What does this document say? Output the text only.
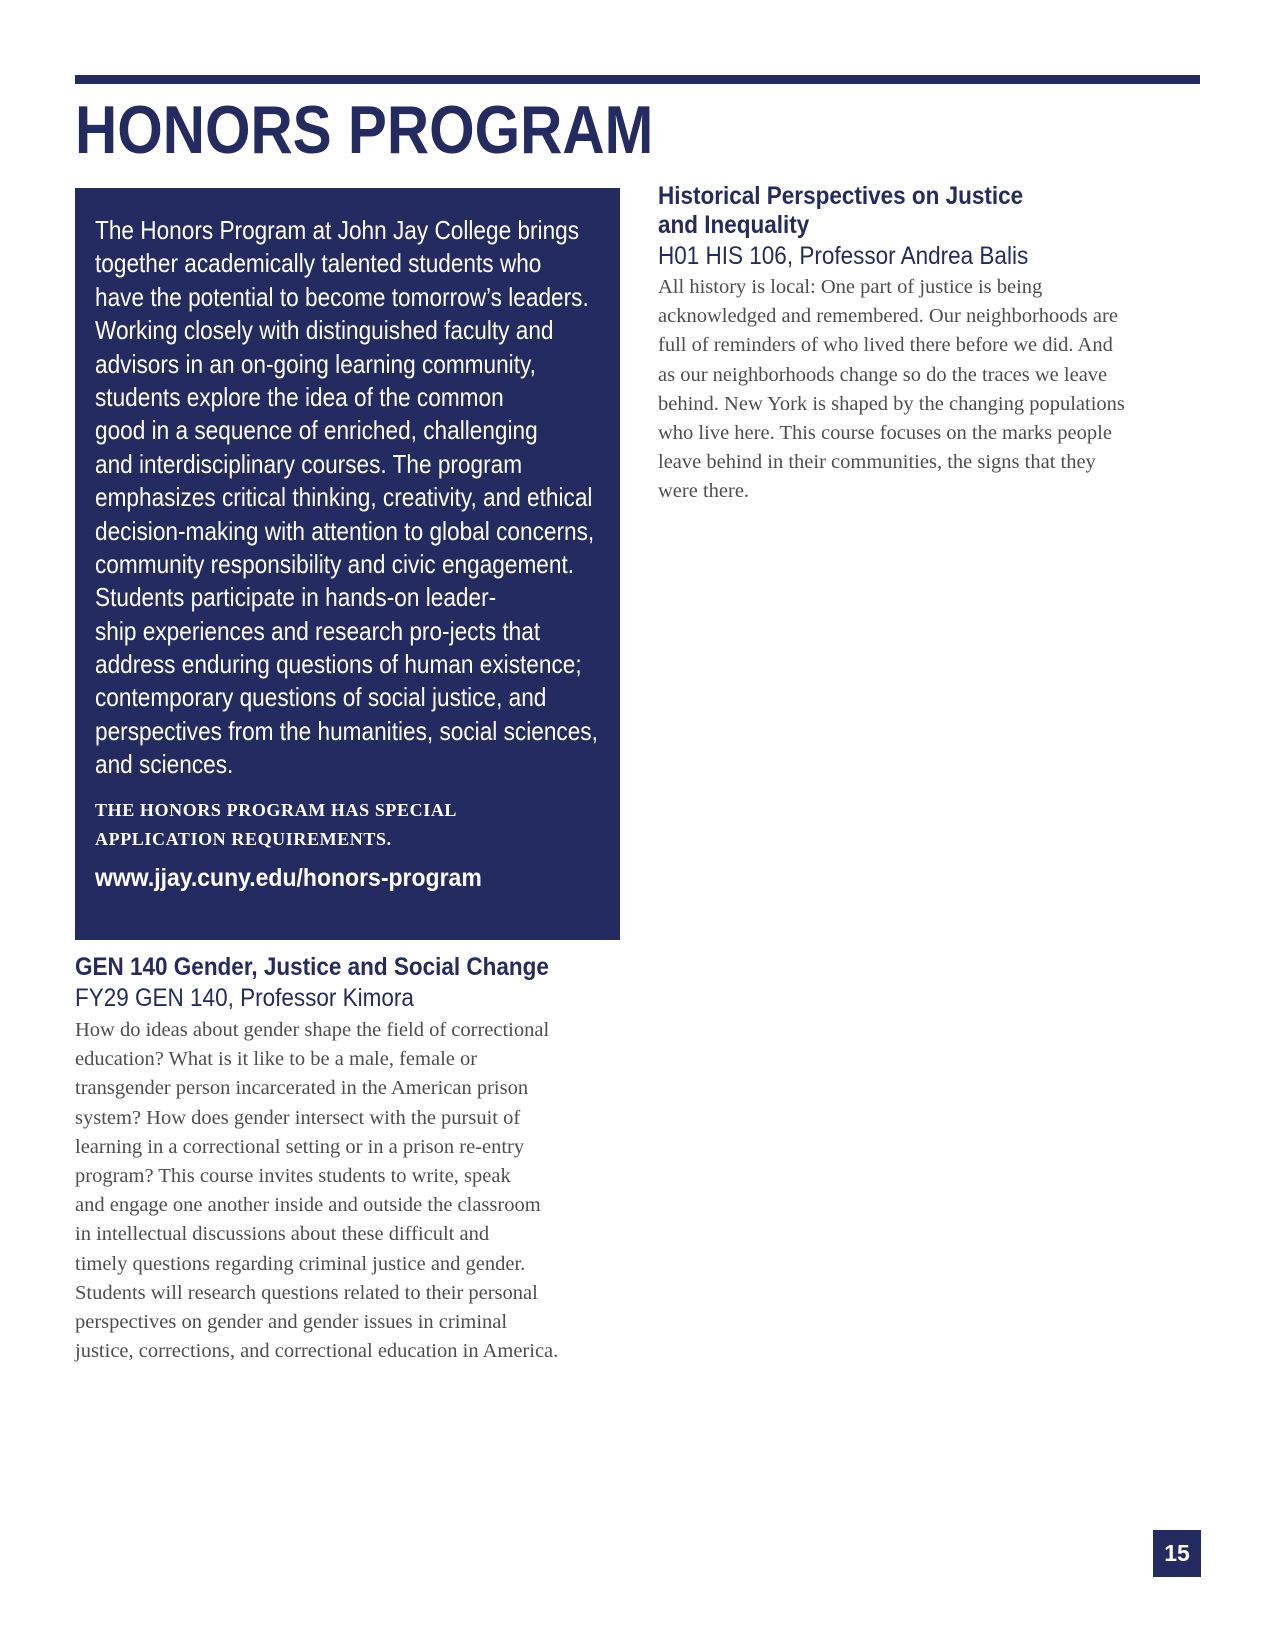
HONORS PROGRAM
The Honors Program at John Jay College brings
together academically talented students who
have the potential to become tomorrow’s leaders.
Working closely with distinguished faculty and
advisors in an on-going learning community,
students explore the idea of the common
good in a sequence of enriched, challenging
and interdisciplinary courses. The program
emphasizes critical thinking, creativity, and ethical
decision-making with attention to global concerns,
community responsibility and civic engagement.
Students participate in hands-on leader-
ship experiences and research pro-jects that
address enduring questions of human existence;
contemporary questions of social justice, and
perspectives from the humanities, social sciences,
and sciences.
THE HONORS PROGRAM HAS SPECIAL
APPLICATION REQUIREMENTS.
www.jjay.cuny.edu/honors-program
GEN 140 Gender, Justice and Social Change
FY29 GEN 140, Professor Kimora
How do ideas about gender shape the field of correctional
education? What is it like to be a male, female or
transgender person incarcerated in the American prison
system? How does gender intersect with the pursuit of
learning in a correctional setting or in a prison re-entry
program? This course invites students to write, speak
and engage one another inside and outside the classroom
in intellectual discussions about these difficult and
timely questions regarding criminal justice and gender.
Students will research questions related to their personal
perspectives on gender and gender issues in criminal
justice, corrections, and correctional education in America.
Historical Perspectives on Justice
and Inequality
H01 HIS 106, Professor Andrea Balis
All history is local: One part of justice is being
acknowledged and remembered. Our neighborhoods are
full of reminders of who lived there before we did. And
as our neighborhoods change so do the traces we leave
behind. New York is shaped by the changing populations
who live here. This course focuses on the marks people
leave behind in their communities, the signs that they
were there.
15
